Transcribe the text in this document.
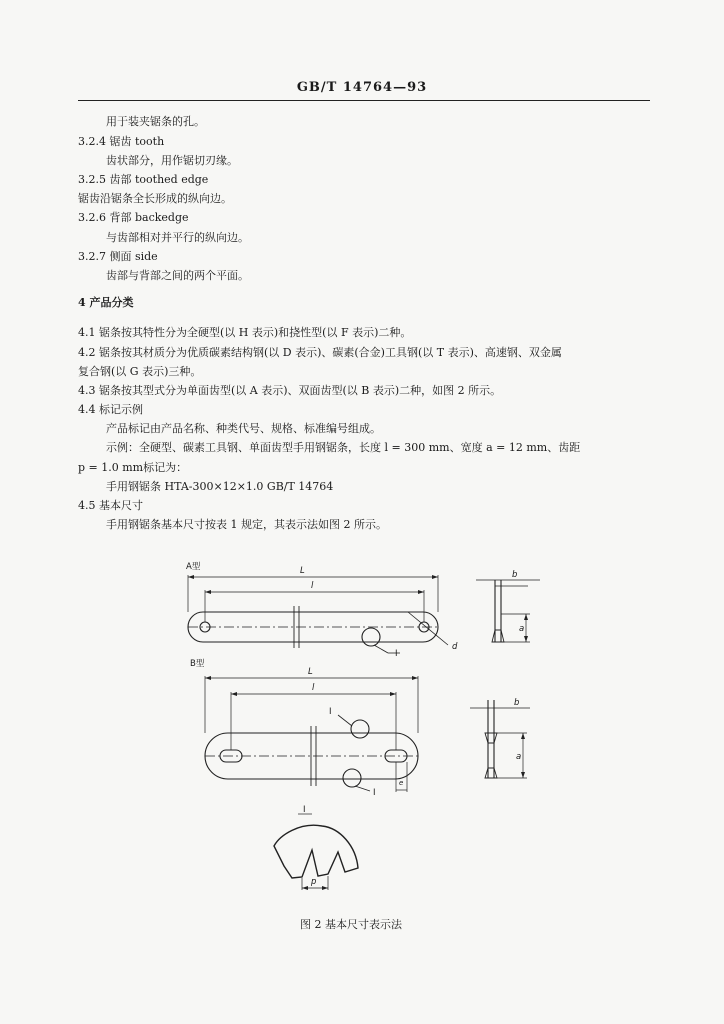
GB/T 14764—93
用于装夹锯条的孔。
3.2.4 锯齿 tooth
齿状部分，用作锯切刃缘。
3.2.5 齿部 toothed edge
锯齿沿锯条全长形成的纵向边。
3.2.6 背部 backedge
与齿部相对并平行的纵向边。
3.2.7 侧面 side
齿部与背部之间的两个平面。
4 产品分类
4.1 锯条按其特性分为全硬型(以 H 表示)和挠性型(以 F 表示)二种。
4.2 锯条按其材质分为优质碳素结构钢(以 D 表示)、碳素(合金)工具钢(以 T 表示)、高速钢、双金属
复合钢(以 G 表示)三种。
4.3 锯条按其型式分为单面齿型(以 A 表示)、双面齿型(以 B 表示)二种，如图 2 所示。
4.4 标记示例
产品标记由产品名称、种类代号、规格、标准编号组成。
示例：全硬型、碳素工具钢、单面齿型手用钢锯条，长度 l = 300 mm、宽度 a = 12 mm、齿距
p = 1.0 mm标记为：
手用钢锯条 HTA-300×12×1.0 GB/T 14764
4.5 基本尺寸
手用钢锯条基本尺寸按表 1 规定，其表示法如图 2 所示。
A型	L
l
d
I
b
a
B型
L
l
I
I
e
b
a
I
p
图 2 基本尺寸表示法
